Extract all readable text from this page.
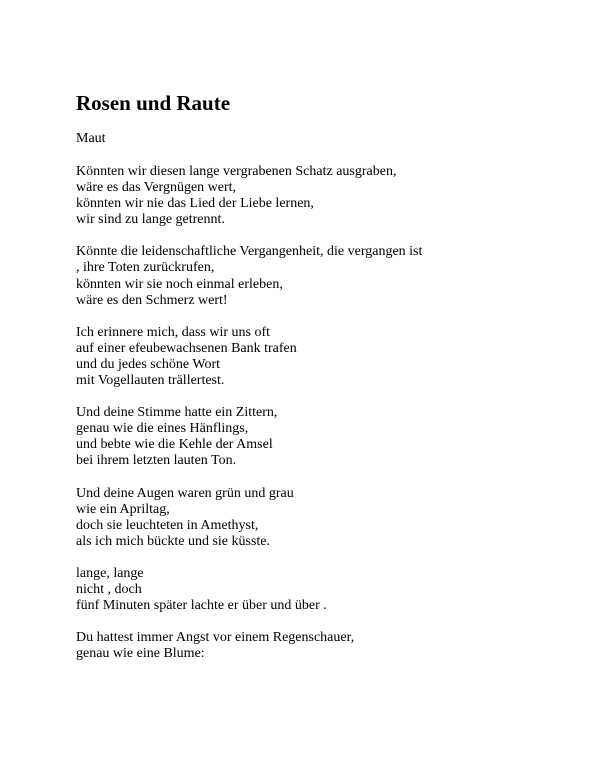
Rosen und Raute

Maut

Könnten wir diesen lange vergrabenen Schatz ausgraben,
wäre es das Vergnügen wert,
könnten wir nie das Lied der Liebe lernen,
wir sind zu lange getrennt.
Könnte die leidenschaftliche Vergangenheit, die vergangen ist
, ihre Toten zurückrufen,
könnten wir sie noch einmal erleben,
wäre es den Schmerz wert!
Ich erinnere mich, dass wir uns oft
auf einer efeubewachsenen Bank trafen
und du jedes schöne Wort
mit Vogellauten trällertest.
Und deine Stimme hatte ein Zittern,
genau wie die eines Hänflings,
und bebte wie die Kehle der Amsel
bei ihrem letzten lauten Ton.
Und deine Augen waren grün und grau
wie ein Apriltag,
doch sie leuchteten in Amethyst,
als ich mich bückte und sie küsste.
lange, lange
nicht , doch
fünf Minuten später lachte er über und über .
Du hattest immer Angst vor einem Regenschauer,
genau wie eine Blume:
